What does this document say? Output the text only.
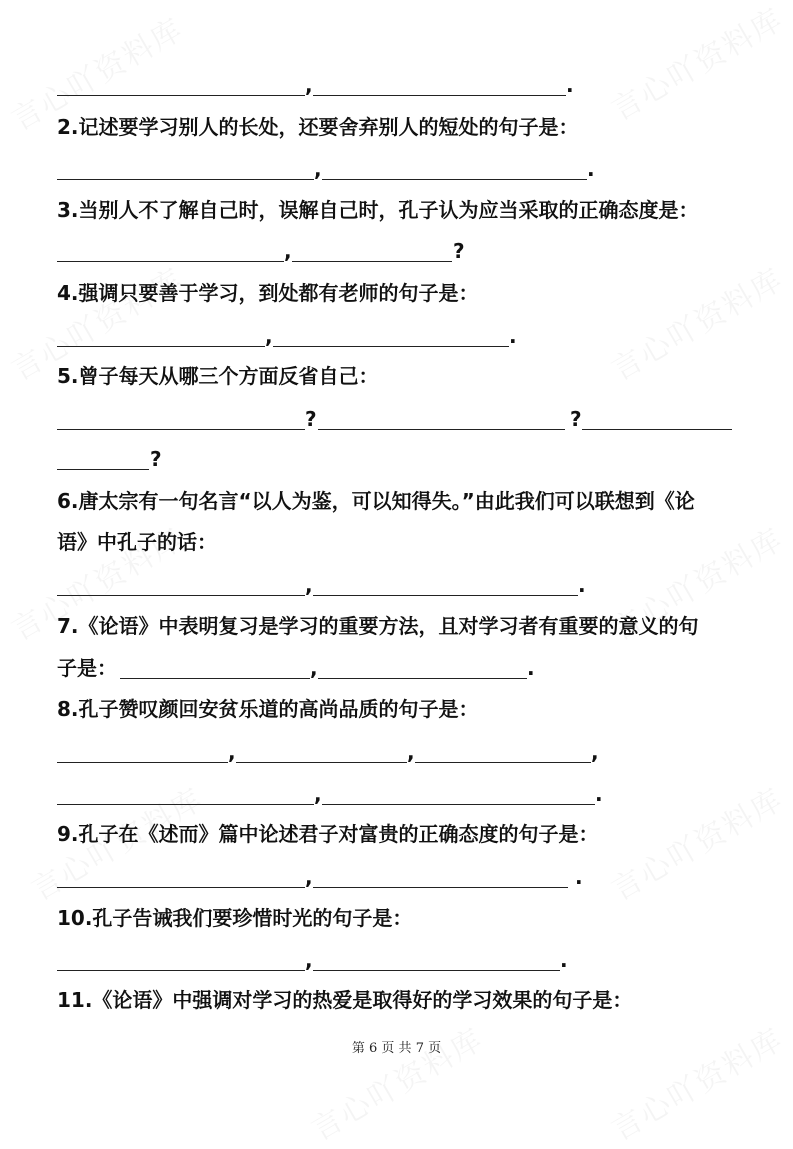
,	.
2.记述要学习别人的长处，还要舍弃别人的短处的句子是：
,	.
3.当别人不了解自己时，误解自己时，孔子认为应当采取的正确态度是：
,	?
4.强调只要善于学习，到处都有老师的句子是：
,	.
5.曾子每天从哪三个方面反省自己：
?	?
?
6.唐太宗有一句名言“以人为鉴，可以知得失。”由此我们可以联想到《论
语》中孔子的话：
,	.
7.《论语》中表明复习是学习的重要方法，且对学习者有重要的意义的句
子是：	,	.
8.孔子赞叹颜回安贫乐道的高尚品质的句子是：
,	,	,
,	.
9.孔子在《述而》篇中论述君子对富贵的正确态度的句子是：
,	.
10.孔子告诫我们要珍惜时光的句子是：
,	.
11.《论语》中强调对学习的热爱是取得好的学习效果的句子是：
第 6 页 共 7 页
